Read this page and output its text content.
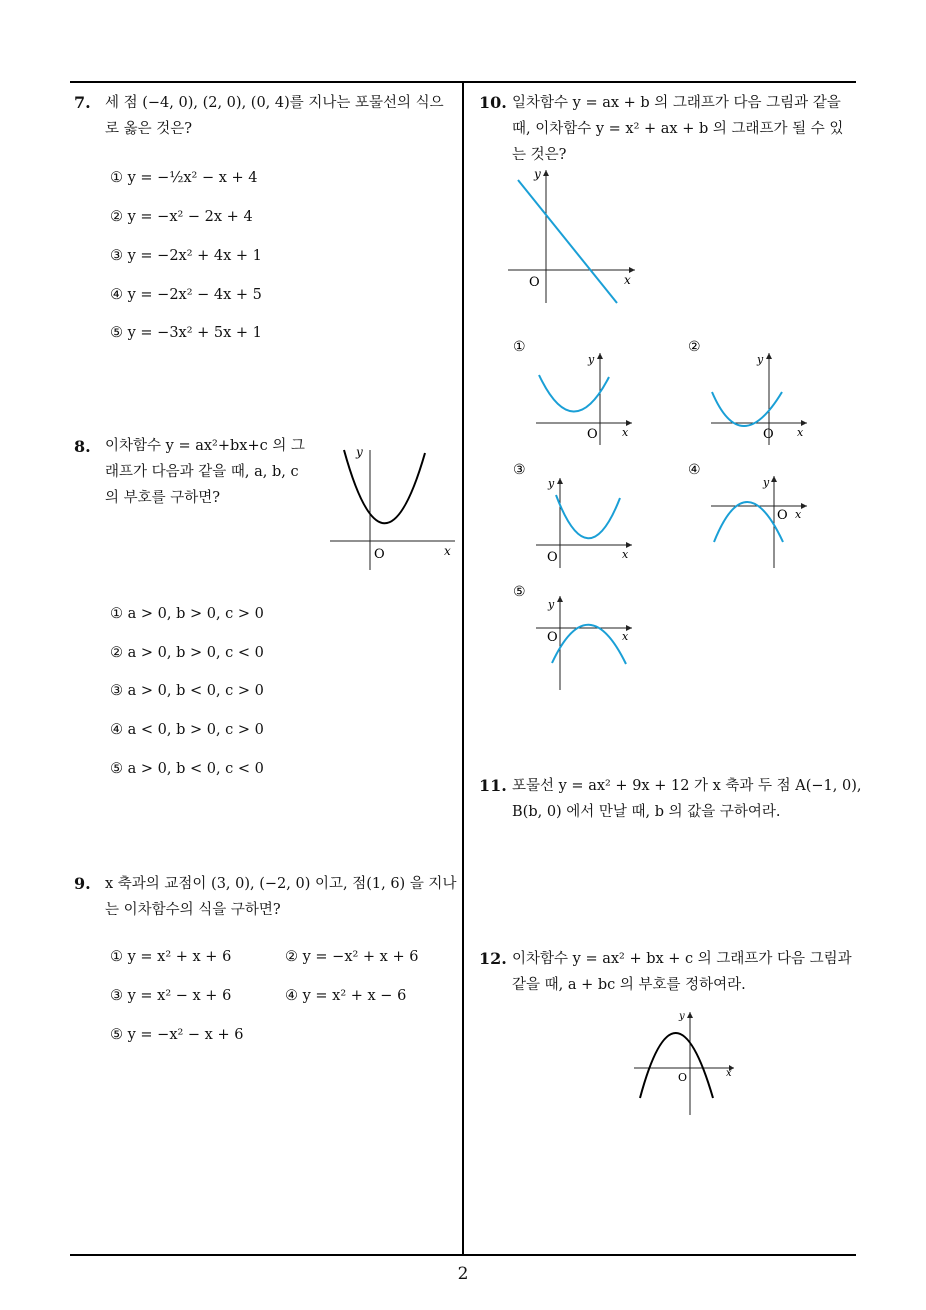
7. 세 점 (−4, 0), (2, 0), (0, 4)를 지나는 포물선의 식으로 옳은 것은?
① y = −½x² − x + 4
② y = −x² − 2x + 4
③ y = −2x² + 4x + 1
④ y = −2x² − 4x + 5
⑤ y = −3x² + 5x + 1
8. 이차함수 y = ax²+bx+c 의 그래프가 다음과 같을 때, a, b, c 의 부호를 구하면?
y
x
O
① a > 0, b > 0, c > 0
② a > 0, b > 0, c < 0
③ a > 0, b < 0, c > 0
④ a < 0, b > 0, c > 0
⑤ a > 0, b < 0, c < 0
9. x 축과의 교점이 (3, 0), (−2, 0) 이고, 점(1, 6) 을 지나는 이차함수의 식을 구하면?
① y = x² + x + 6	② y = −x² + x + 6
③ y = x² − x + 6	④ y = x² + x − 6
⑤ y = −x² − x + 6
10. 일차함수 y = ax + b 의 그래프가 다음 그림과 같을 때, 이차함수 y = x² + ax + b 의 그래프가 될 수 있는 것은?
y
x
O
①
y
x
O
②
y
x
O
③
y
x
O
④
y
x
O
⑤
y
x
O
11. 포물선 y = ax² + 9x + 12 가 x 축과 두 점 A(−1, 0), B(b, 0) 에서 만날 때, b 의 값을 구하여라.
12. 이차함수 y = ax² + bx + c 의 그래프가 다음 그림과 같을 때, a + bc 의 부호를 정하여라.
y
x
O
2
